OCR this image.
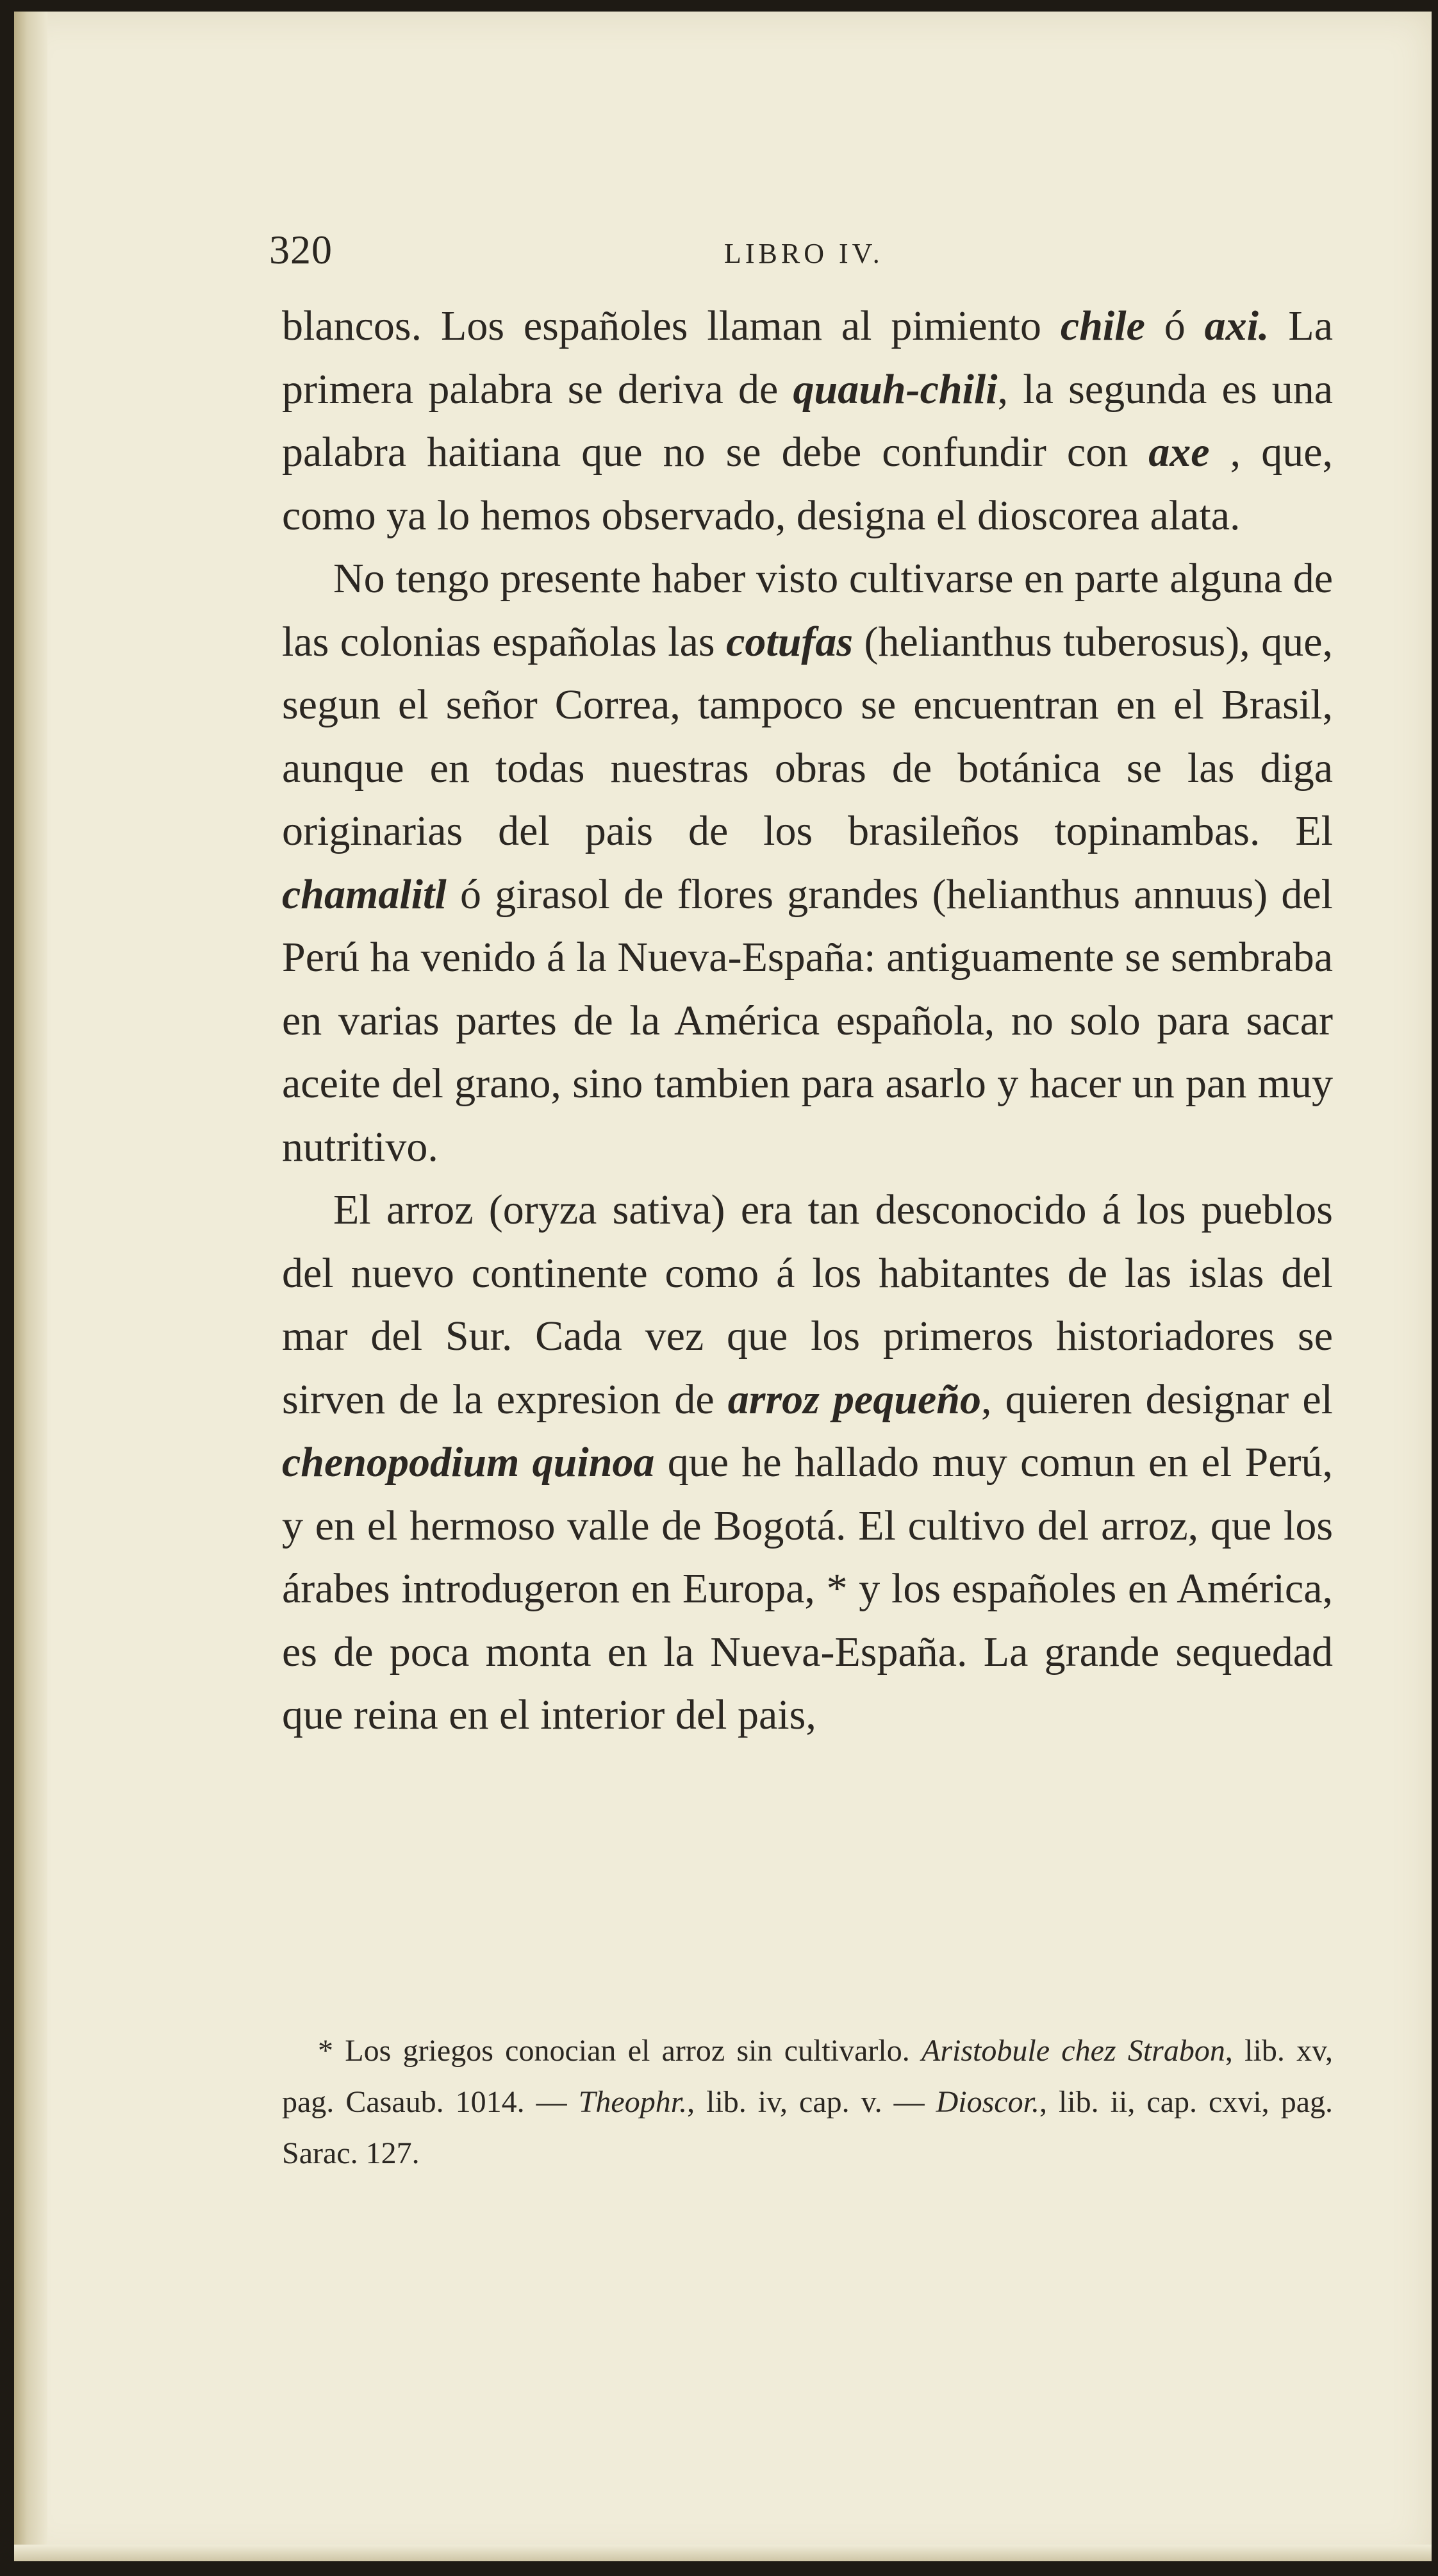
320	LIBRO IV.

blancos. Los españoles llaman al pimiento chile ó axi. La primera palabra se deriva de quauh-chili, la segunda es una palabra haitiana que no se debe confundir con axe , que, como ya lo hemos observado, designa el dioscorea alata.

No tengo presente haber visto cultivarse en parte alguna de las colonias españolas las cotufas (helianthus tuberosus), que, segun el señor Correa, tampoco se encuentran en el Brasil, aunque en todas nuestras obras de botánica se las diga originarias del pais de los brasileños topinambas. El chamalitl ó girasol de flores grandes (helianthus annuus) del Perú ha venido á la Nueva-España: antiguamente se sembraba en varias partes de la América española, no solo para sacar aceite del grano, sino tambien para asarlo y hacer un pan muy nutritivo.

El arroz (oryza sativa) era tan desconocido á los pueblos del nuevo continente como á los habitantes de las islas del mar del Sur. Cada vez que los primeros historiadores se sirven de la expresion de arroz pequeño, quieren designar el chenopodium quinoa que he hallado muy comun en el Perú, y en el hermoso valle de Bogotá. El cultivo del arroz, que los árabes introdugeron en Europa, * y los españoles en América, es de poca monta en la Nueva-España. La grande sequedad que reina en el interior del pais,

* Los griegos conocian el arroz sin cultivarlo. Aristobule chez Strabon, lib. xv, pag. Casaub. 1014. — Theophr., lib. iv, cap. v. — Dioscor., lib. ii, cap. cxvi, pag. Sarac. 127.
